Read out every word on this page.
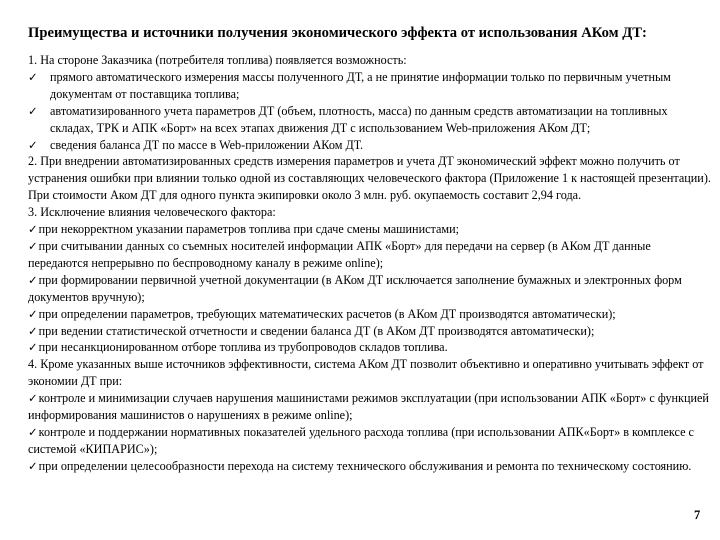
Преимущества и источники получения экономического эффекта от использования АКом ДТ:

1. На стороне Заказчика (потребителя топлива) появляется возможность:

✓ прямого автоматического измерения массы полученного ДТ, а не принятие информации только по первичным учетным документам от поставщика топлива;

✓ автоматизированного учета параметров ДТ (объем, плотность, масса) по данным средств автоматизации на топливных складах, ТРК и АПК «Борт» на всех этапах движения ДТ с использованием Web-приложения АКом ДТ;

✓ сведения баланса ДТ по массе в Web-приложении АКом ДТ.

2. При внедрении автоматизированных средств измерения параметров и учета ДТ экономический эффект можно получить от устранения ошибки при влиянии только одной из составляющих человеческого фактора (Приложение 1 к настоящей презентации). При стоимости Аком ДТ для одного пункта экипировки около 3 млн. руб. окупаемость составит 2,94 года.

3. Исключение влияния человеческого фактора:

✓при некорректном указании параметров топлива при сдаче смены машинистами;

✓при считывании данных со съемных носителей информации АПК «Борт» для передачи на сервер (в АКом ДТ данные передаются непрерывно по беспроводному каналу в режиме online);

✓при формировании первичной учетной документации (в АКом ДТ исключается заполнение бумажных и электронных форм документов вручную);

✓при определении параметров, требующих математических расчетов (в АКом ДТ производятся автоматически);

✓при ведении статистической отчетности и сведении баланса ДТ (в АКом ДТ производятся автоматически);

✓при несанкционированном отборе топлива из трубопроводов складов топлива.

4. Кроме указанных выше источников эффективности, система АКом ДТ позволит объективно и оперативно учитывать эффект от экономии ДТ при:

✓контроле и минимизации случаев нарушения машинистами режимов эксплуатации (при использовании АПК «Борт» с функцией информирования машинистов о нарушениях в режиме online);

✓контроле и поддержании нормативных показателей удельного расхода топлива (при использовании АПК«Борт» в комплексе с системой «КИПАРИС»);

✓при определении целесообразности перехода на систему технического обслуживания и ремонта по техническому состоянию.

7
